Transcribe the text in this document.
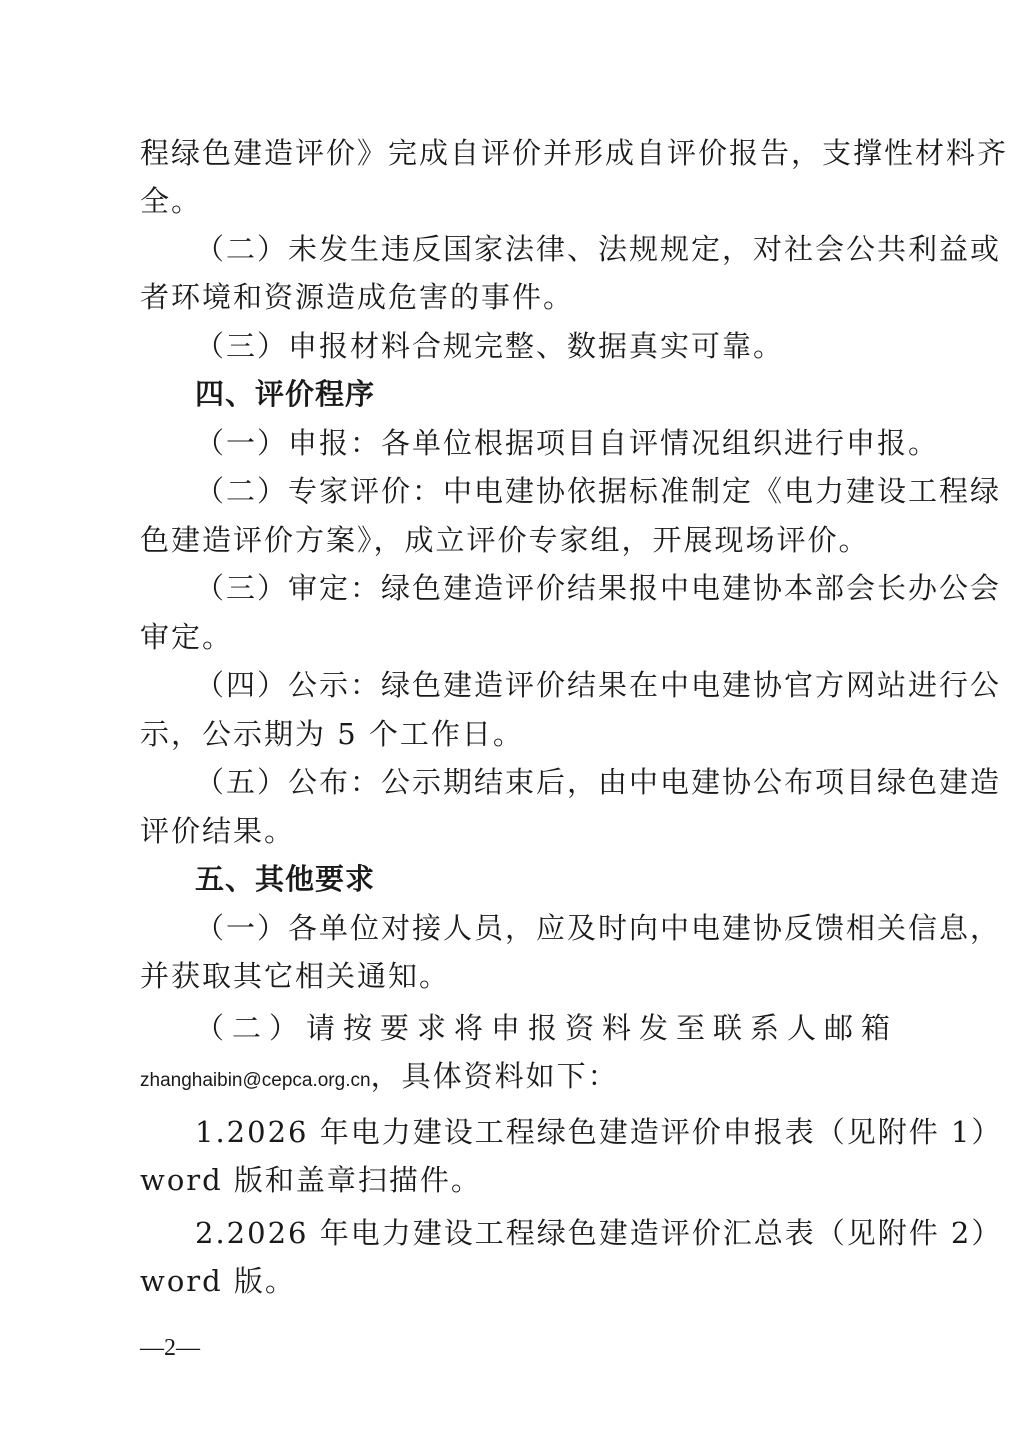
程绿色建造评价》完成自评价并形成自评价报告，支撑性材料齐
全。
（二）未发生违反国家法律、法规规定，对社会公共利益或
者环境和资源造成危害的事件。
（三）申报材料合规完整、数据真实可靠。
四、评价程序
（一）申报：各单位根据项目自评情况组织进行申报。
（二）专家评价：中电建协依据标准制定《电力建设工程绿
色建造评价方案》，成立评价专家组，开展现场评价。
（三）审定：绿色建造评价结果报中电建协本部会长办公会
审定。
（四）公示：绿色建造评价结果在中电建协官方网站进行公
示，公示期为 5 个工作日。
（五）公布：公示期结束后，由中电建协公布项目绿色建造
评价结果。
五、其他要求
（一）各单位对接人员，应及时向中电建协反馈相关信息，
并获取其它相关通知。
（二）请按要求将申报资料发至联系人邮箱
zhanghaibin@cepca.org.cn，具体资料如下：
1.2026 年电力建设工程绿色建造评价申报表（见附件 1）
word 版和盖章扫描件。
2.2026 年电力建设工程绿色建造评价汇总表（见附件 2）
word 版。
—2—
